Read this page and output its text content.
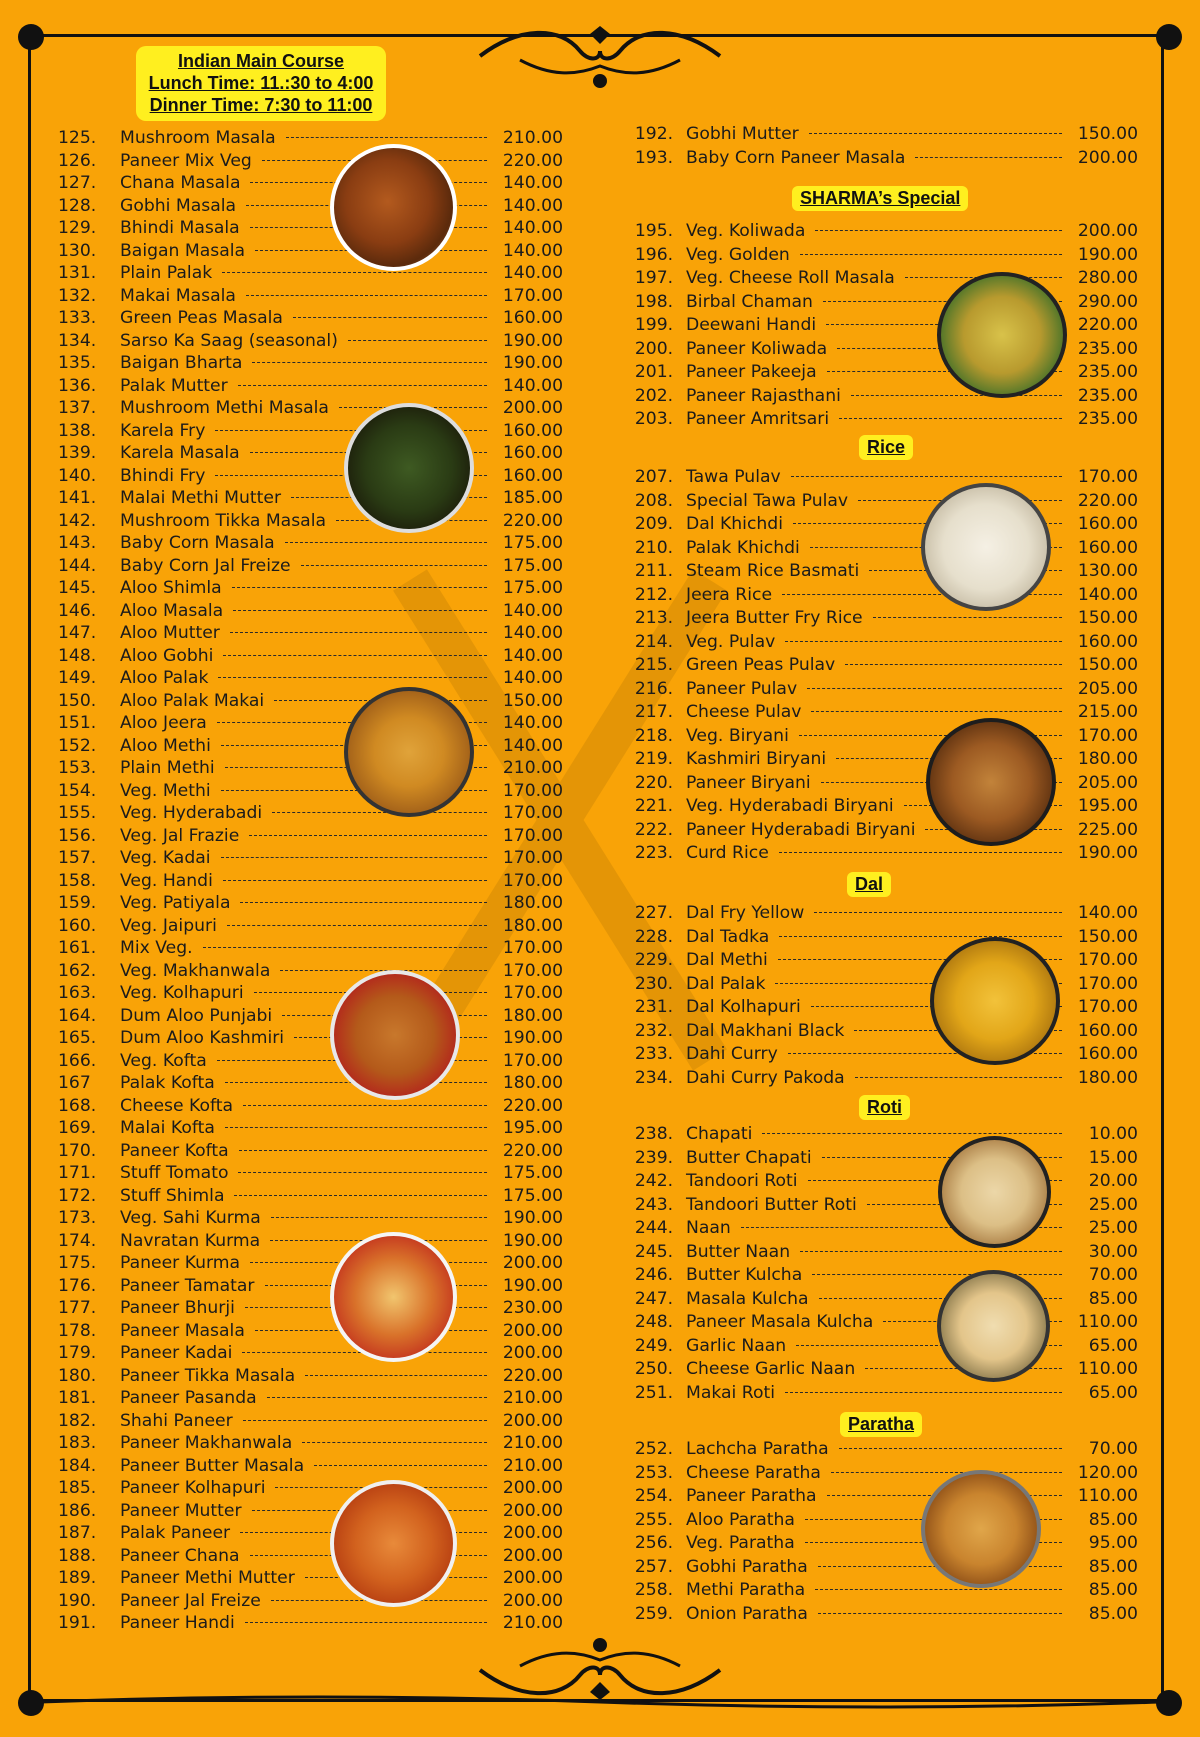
Indian Main Course
Lunch Time: 11.:30 to 4:00
Dinner Time: 7:30 to 11:00
125.	Mushroom Masala	210.00
126.	Paneer Mix Veg	220.00
127.	Chana Masala	140.00
128.	Gobhi Masala	140.00
129.	Bhindi Masala	140.00
130.	Baigan Masala	140.00
131.	Plain Palak	140.00
132.	Makai Masala	170.00
133.	Green Peas Masala	160.00
134.	Sarso Ka Saag (seasonal)	190.00
135.	Baigan Bharta	190.00
136.	Palak Mutter	140.00
137.	Mushroom Methi Masala	200.00
138.	Karela Fry	160.00
139.	Karela Masala	160.00
140.	Bhindi Fry	160.00
141.	Malai Methi Mutter	185.00
142.	Mushroom Tikka Masala	220.00
143.	Baby Corn Masala	175.00
144.	Baby Corn Jal Freize	175.00
145.	Aloo Shimla	175.00
146.	Aloo Masala	140.00
147.	Aloo Mutter	140.00
148.	Aloo Gobhi	140.00
149.	Aloo Palak	140.00
150.	Aloo Palak Makai	150.00
151.	Aloo Jeera	140.00
152.	Aloo Methi	140.00
153.	Plain Methi	210.00
154.	Veg. Methi	170.00
155.	Veg. Hyderabadi	170.00
156.	Veg. Jal Frazie	170.00
157.	Veg. Kadai	170.00
158.	Veg. Handi	170.00
159.	Veg. Patiyala	180.00
160.	Veg. Jaipuri	180.00
161.	Mix Veg.	170.00
162.	Veg. Makhanwala	170.00
163.	Veg. Kolhapuri	170.00
164.	Dum Aloo Punjabi	180.00
165.	Dum Aloo Kashmiri	190.00
166.	Veg. Kofta	170.00
167	Palak Kofta	180.00
168.	Cheese Kofta	220.00
169.	Malai Kofta	195.00
170.	Paneer Kofta	220.00
171.	Stuff Tomato	175.00
172.	Stuff Shimla	175.00
173.	Veg. Sahi Kurma	190.00
174.	Navratan Kurma	190.00
175.	Paneer Kurma	200.00
176.	Paneer Tamatar	190.00
177.	Paneer Bhurji	230.00
178.	Paneer Masala	200.00
179.	Paneer Kadai	200.00
180.	Paneer Tikka Masala	220.00
181.	Paneer Pasanda	210.00
182.	Shahi Paneer	200.00
183.	Paneer Makhanwala	210.00
184.	Paneer Butter Masala	210.00
185.	Paneer Kolhapuri	200.00
186.	Paneer Mutter	200.00
187.	Palak Paneer	200.00
188.	Paneer Chana	200.00
189.	Paneer Methi Mutter	200.00
190.	Paneer Jal Freize	200.00
191.	Paneer Handi	210.00
192. Gobhi Mutter	150.00
193. Baby Corn Paneer Masala	200.00
SHARMA’s Special
195. Veg. Koliwada	200.00
196. Veg. Golden	190.00
197. Veg. Cheese Roll Masala	280.00
198. Birbal Chaman	290.00
199. Deewani Handi	220.00
200. Paneer Koliwada	235.00
201. Paneer Pakeeja	235.00
202. Paneer Rajasthani	235.00
203. Paneer Amritsari	235.00
Rice
207. Tawa Pulav	170.00
208. Special Tawa Pulav	220.00
209. Dal Khichdi	160.00
210. Palak Khichdi	160.00
211. Steam Rice Basmati	130.00
212. Jeera Rice	140.00
213. Jeera Butter Fry Rice	150.00
214. Veg. Pulav	160.00
215. Green Peas Pulav	150.00
216. Paneer Pulav	205.00
217. Cheese Pulav	215.00
218. Veg. Biryani	170.00
219. Kashmiri Biryani	180.00
220. Paneer Biryani	205.00
221. Veg. Hyderabadi Biryani	195.00
222. Paneer Hyderabadi Biryani	225.00
223. Curd Rice	190.00
Dal
227. Dal Fry Yellow	140.00
228. Dal Tadka	150.00
229. Dal Methi	170.00
230. Dal Palak	170.00
231. Dal Kolhapuri	170.00
232. Dal Makhani Black	160.00
233. Dahi Curry	160.00
234. Dahi Curry Pakoda	180.00
Roti
238. Chapati	10.00
239. Butter Chapati	15.00
242. Tandoori Roti	20.00
243. Tandoori Butter Roti	25.00
244. Naan	25.00
245. Butter Naan	30.00
246. Butter Kulcha	70.00
247. Masala Kulcha	85.00
248. Paneer Masala Kulcha	110.00
249. Garlic Naan	65.00
250. Cheese Garlic Naan	110.00
251. Makai Roti	65.00
Paratha
252. Lachcha Paratha	70.00
253. Cheese Paratha	120.00
254. Paneer Paratha	110.00
255. Aloo Paratha	85.00
256. Veg. Paratha	95.00
257. Gobhi Paratha	85.00
258. Methi Paratha	85.00
259. Onion Paratha	85.00
